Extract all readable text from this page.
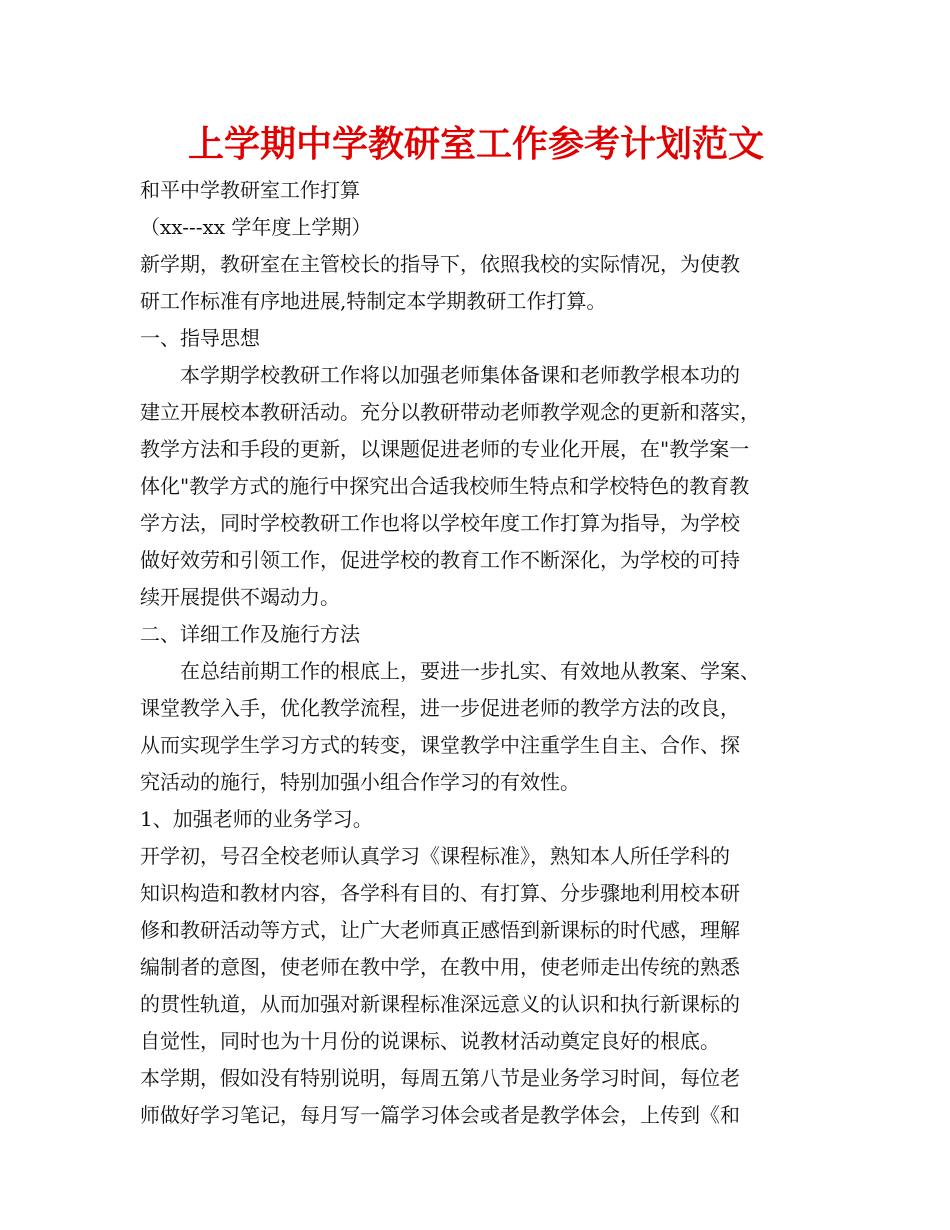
上学期中学教研室工作参考计划范文

和平中学教研室工作打算

（xx---xx 学年度上学期）

新学期，教研室在主管校长的指导下，依照我校的实际情况，为使教

研工作标准有序地进展,特制定本学期教研工作打算。

一、指导思想

本学期学校教研工作将以加强老师集体备课和老师教学根本功的

建立开展校本教研活动。充分以教研带动老师教学观念的更新和落实，

教学方法和手段的更新，以课题促进老师的专业化开展，在"教学案一

体化"教学方式的施行中探究出合适我校师生特点和学校特色的教育教

学方法，同时学校教研工作也将以学校年度工作打算为指导，为学校

做好效劳和引领工作，促进学校的教育工作不断深化，为学校的可持

续开展提供不竭动力。

二、详细工作及施行方法

在总结前期工作的根底上，要进一步扎实、有效地从教案、学案、

课堂教学入手，优化教学流程，进一步促进老师的教学方法的改良，

从而实现学生学习方式的转变，课堂教学中注重学生自主、合作、探

究活动的施行，特别加强小组合作学习的有效性。

1、加强老师的业务学习。

开学初，号召全校老师认真学习《课程标准》，熟知本人所任学科的

知识构造和教材内容，各学科有目的、有打算、分步骤地利用校本研

修和教研活动等方式，让广大老师真正感悟到新课标的时代感，理解

编制者的意图，使老师在教中学，在教中用，使老师走出传统的熟悉

的贯性轨道，从而加强对新课程标准深远意义的认识和执行新课标的

自觉性，同时也为十月份的说课标、说教材活动奠定良好的根底。

本学期，假如没有特别说明，每周五第八节是业务学习时间，每位老

师做好学习笔记，每月写一篇学习体会或者是教学体会，上传到《和
